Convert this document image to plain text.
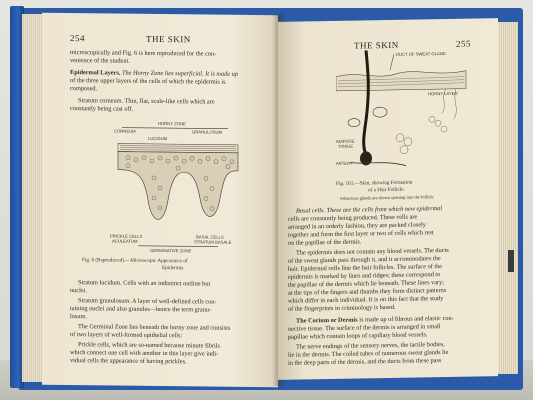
254	THE SKIN
microscopically and Fig. 6 is here reproduced for the con-
venience of the student.
Epidermal Layers. The Horny Zone lies superficial. It is made up
of the three upper layers of the cells of which the epidermis is
composed.
Stratum corneum. Thin, flat, scale-like cells which are
constantly being cast off.
HORNY ZONE
CORNEUM	GRANULOSUM
LUCIDUM
PRICKLE CELLS
ACULEATUM
BASAL CELLS
STRATUM BASALE
GERMINATIVE ZONE
Fig. 6 (Reproduced).—Microscopic Appearance of
Epidermis.
Stratum lucidum. Cells with an indistinct outline but
nuclei.
Stratum granulosum. A layer of well-defined cells con-
taining nuclei and also granules—hence the term granu-
losum.
The Germinal Zone lies beneath the horny zone and consists
of two layers of well-formed epithelial cells:
Prickle cells, which are so-named because minute fibrils
which connect one cell with another in this layer give indi-
vidual cells the appearance of having prickles.
THE SKIN	255
DUCT OF SWEAT GLAND
HORNY LAYER
ADIPOSE
TISSUE
ARTERY
Fig. 161.—Skin, showing Formation
of a Hair Follicle.
Sebaceous glands are shown opening into the follicle.
Basal cells. These are the cells from which new epidermal
cells are constantly being produced. These cells are
arranged in an orderly fashion, they are packed closely
together and form the first layer or two of cells which rest
on the papillae of the dermis.
The epidermis does not contain any blood vessels. The ducts
of the sweat glands pass through it, and it accommodates the
hair. Epidermal cells line the hair follicles. The surface of the
epidermis is marked by lines and ridges; these correspond to
the papillae of the dermis which lie beneath. These lines vary;
at the tips of the fingers and thumbs they form distinct patterns
which differ in each individual. It is on this fact that the study
of the fingerprints in criminology is based.
The Corium or Dermis is made up of fibrous and elastic con-
nective tissue. The surface of the dermis is arranged in small
papillae which contain loops of capillary blood vessels.
The nerve endings of the sensory nerves, the tactile bodies,
lie in the dermis. The coiled tubes of numerous sweat glands lie
in the deep parts of the dermis, and the ducts from these pass
